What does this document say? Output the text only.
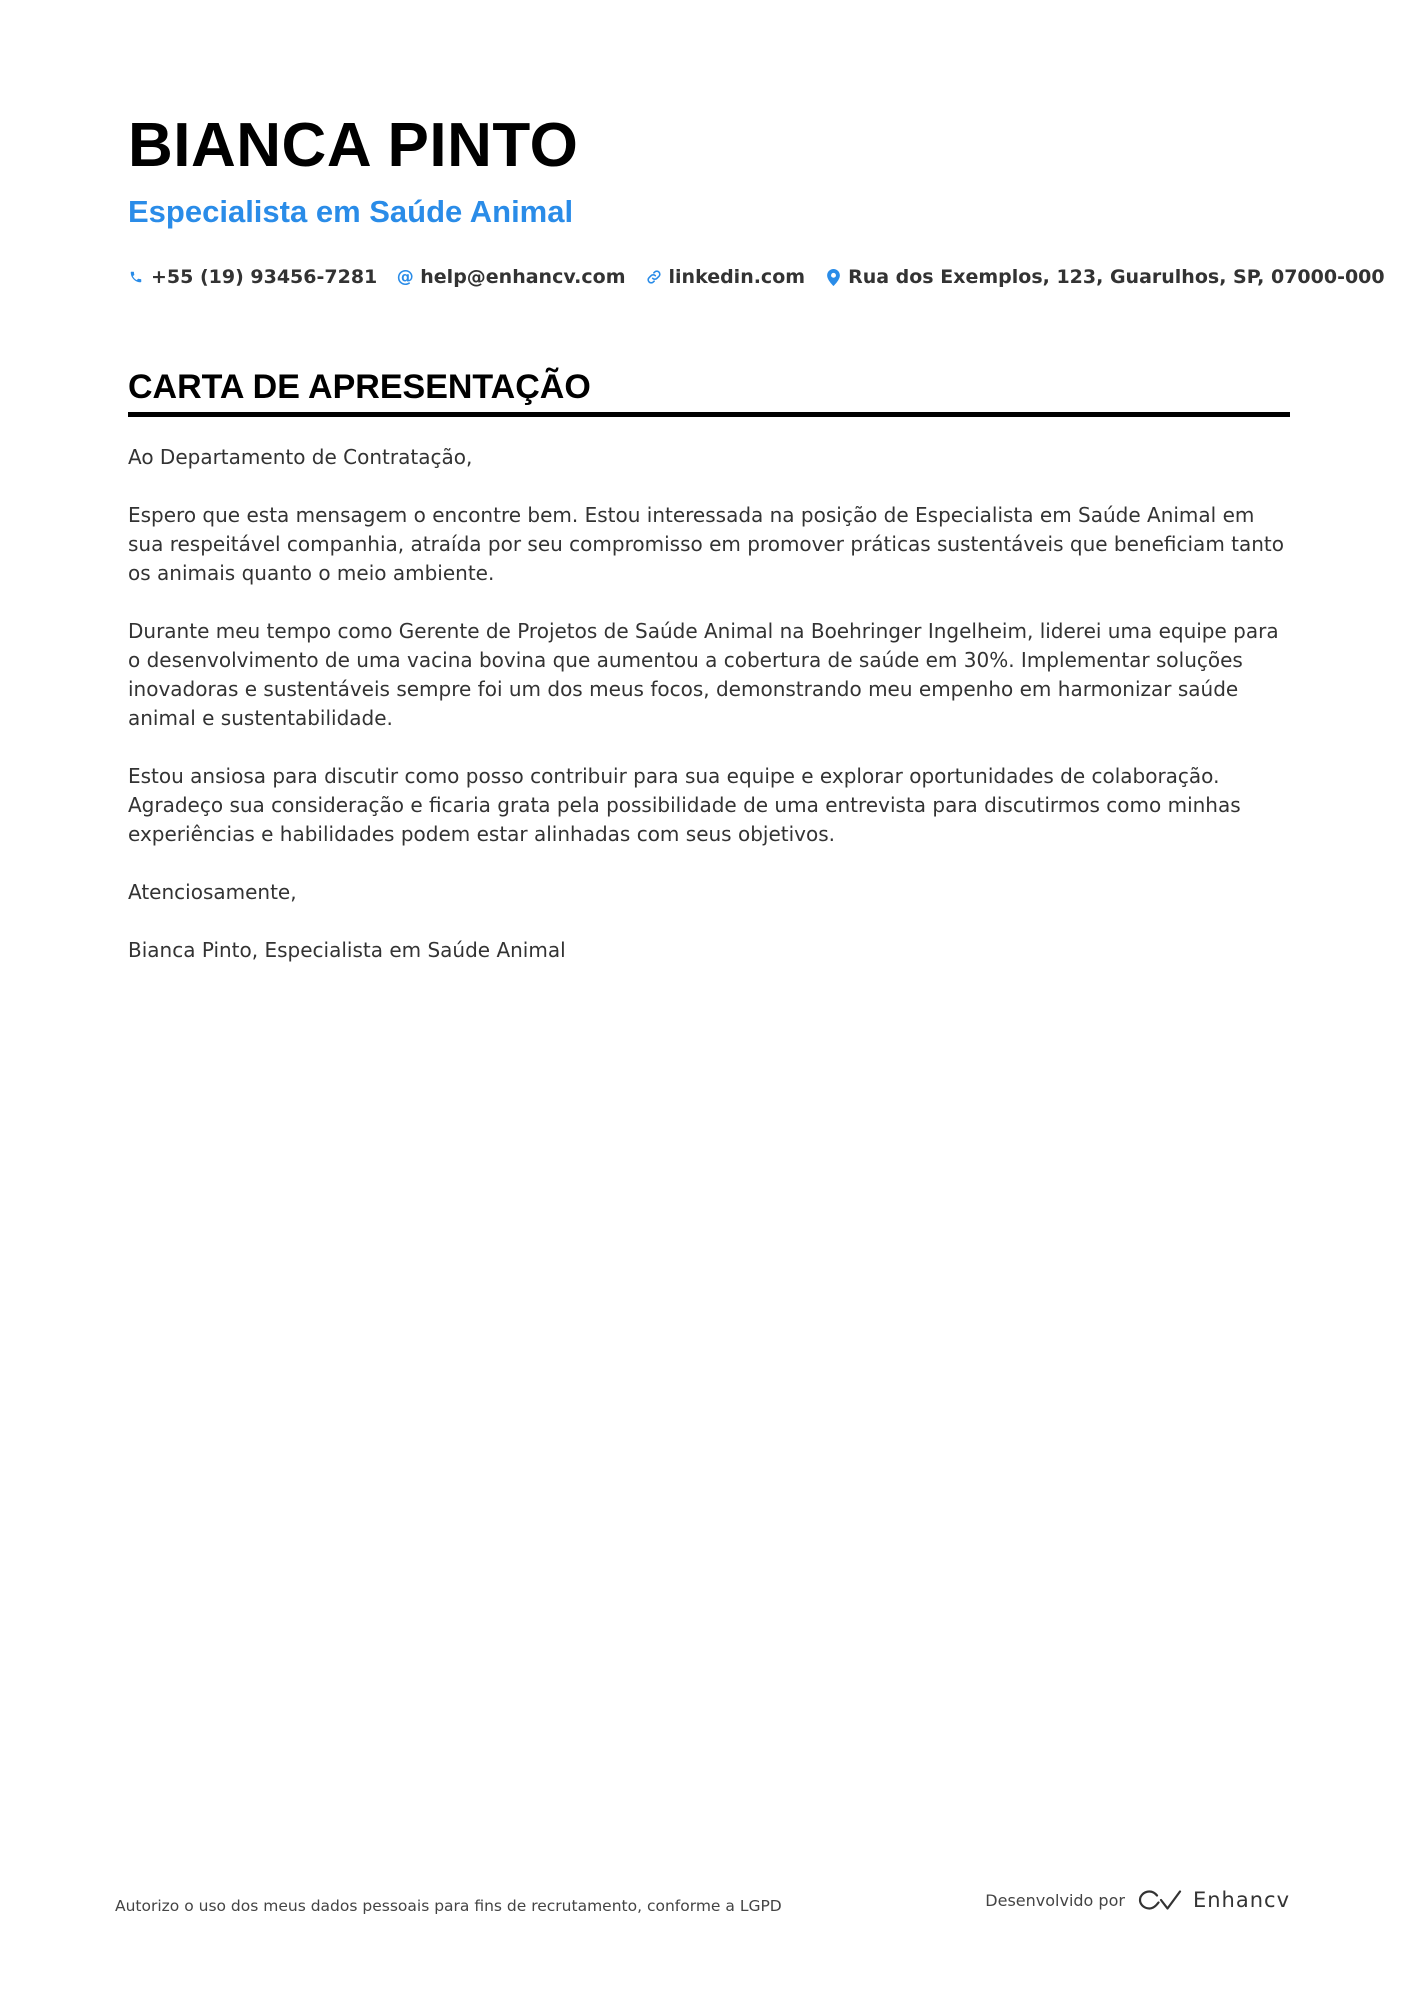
BIANCA PINTO
Especialista em Saúde Animal
+55 (19) 93456-7281 @ help@enhancv.com linkedin.com Rua dos Exemplos, 123, Guarulhos, SP, 07000-000
CARTA DE APRESENTAÇÃO

Ao Departamento de Contratação,

Espero que esta mensagem o encontre bem. Estou interessada na posição de Especialista em Saúde Animal em sua respeitável companhia, atraída por seu compromisso em promover práticas sustentáveis que beneficiam tanto os animais quanto o meio ambiente.

Durante meu tempo como Gerente de Projetos de Saúde Animal na Boehringer Ingelheim, liderei uma equipe para o desenvolvimento de uma vacina bovina que aumentou a cobertura de saúde em 30%. Implementar soluções inovadoras e sustentáveis sempre foi um dos meus focos, demonstrando meu empenho em harmonizar saúde animal e sustentabilidade.

Estou ansiosa para discutir como posso contribuir para sua equipe e explorar oportunidades de colaboração. Agradeço sua consideração e ficaria grata pela possibilidade de uma entrevista para discutirmos como minhas experiências e habilidades podem estar alinhadas com seus objetivos.

Atenciosamente,

Bianca Pinto, Especialista em Saúde Animal

Autorizo o uso dos meus dados pessoais para fins de recrutamento, conforme a LGPD	Desenvolvido por	Enhancv
